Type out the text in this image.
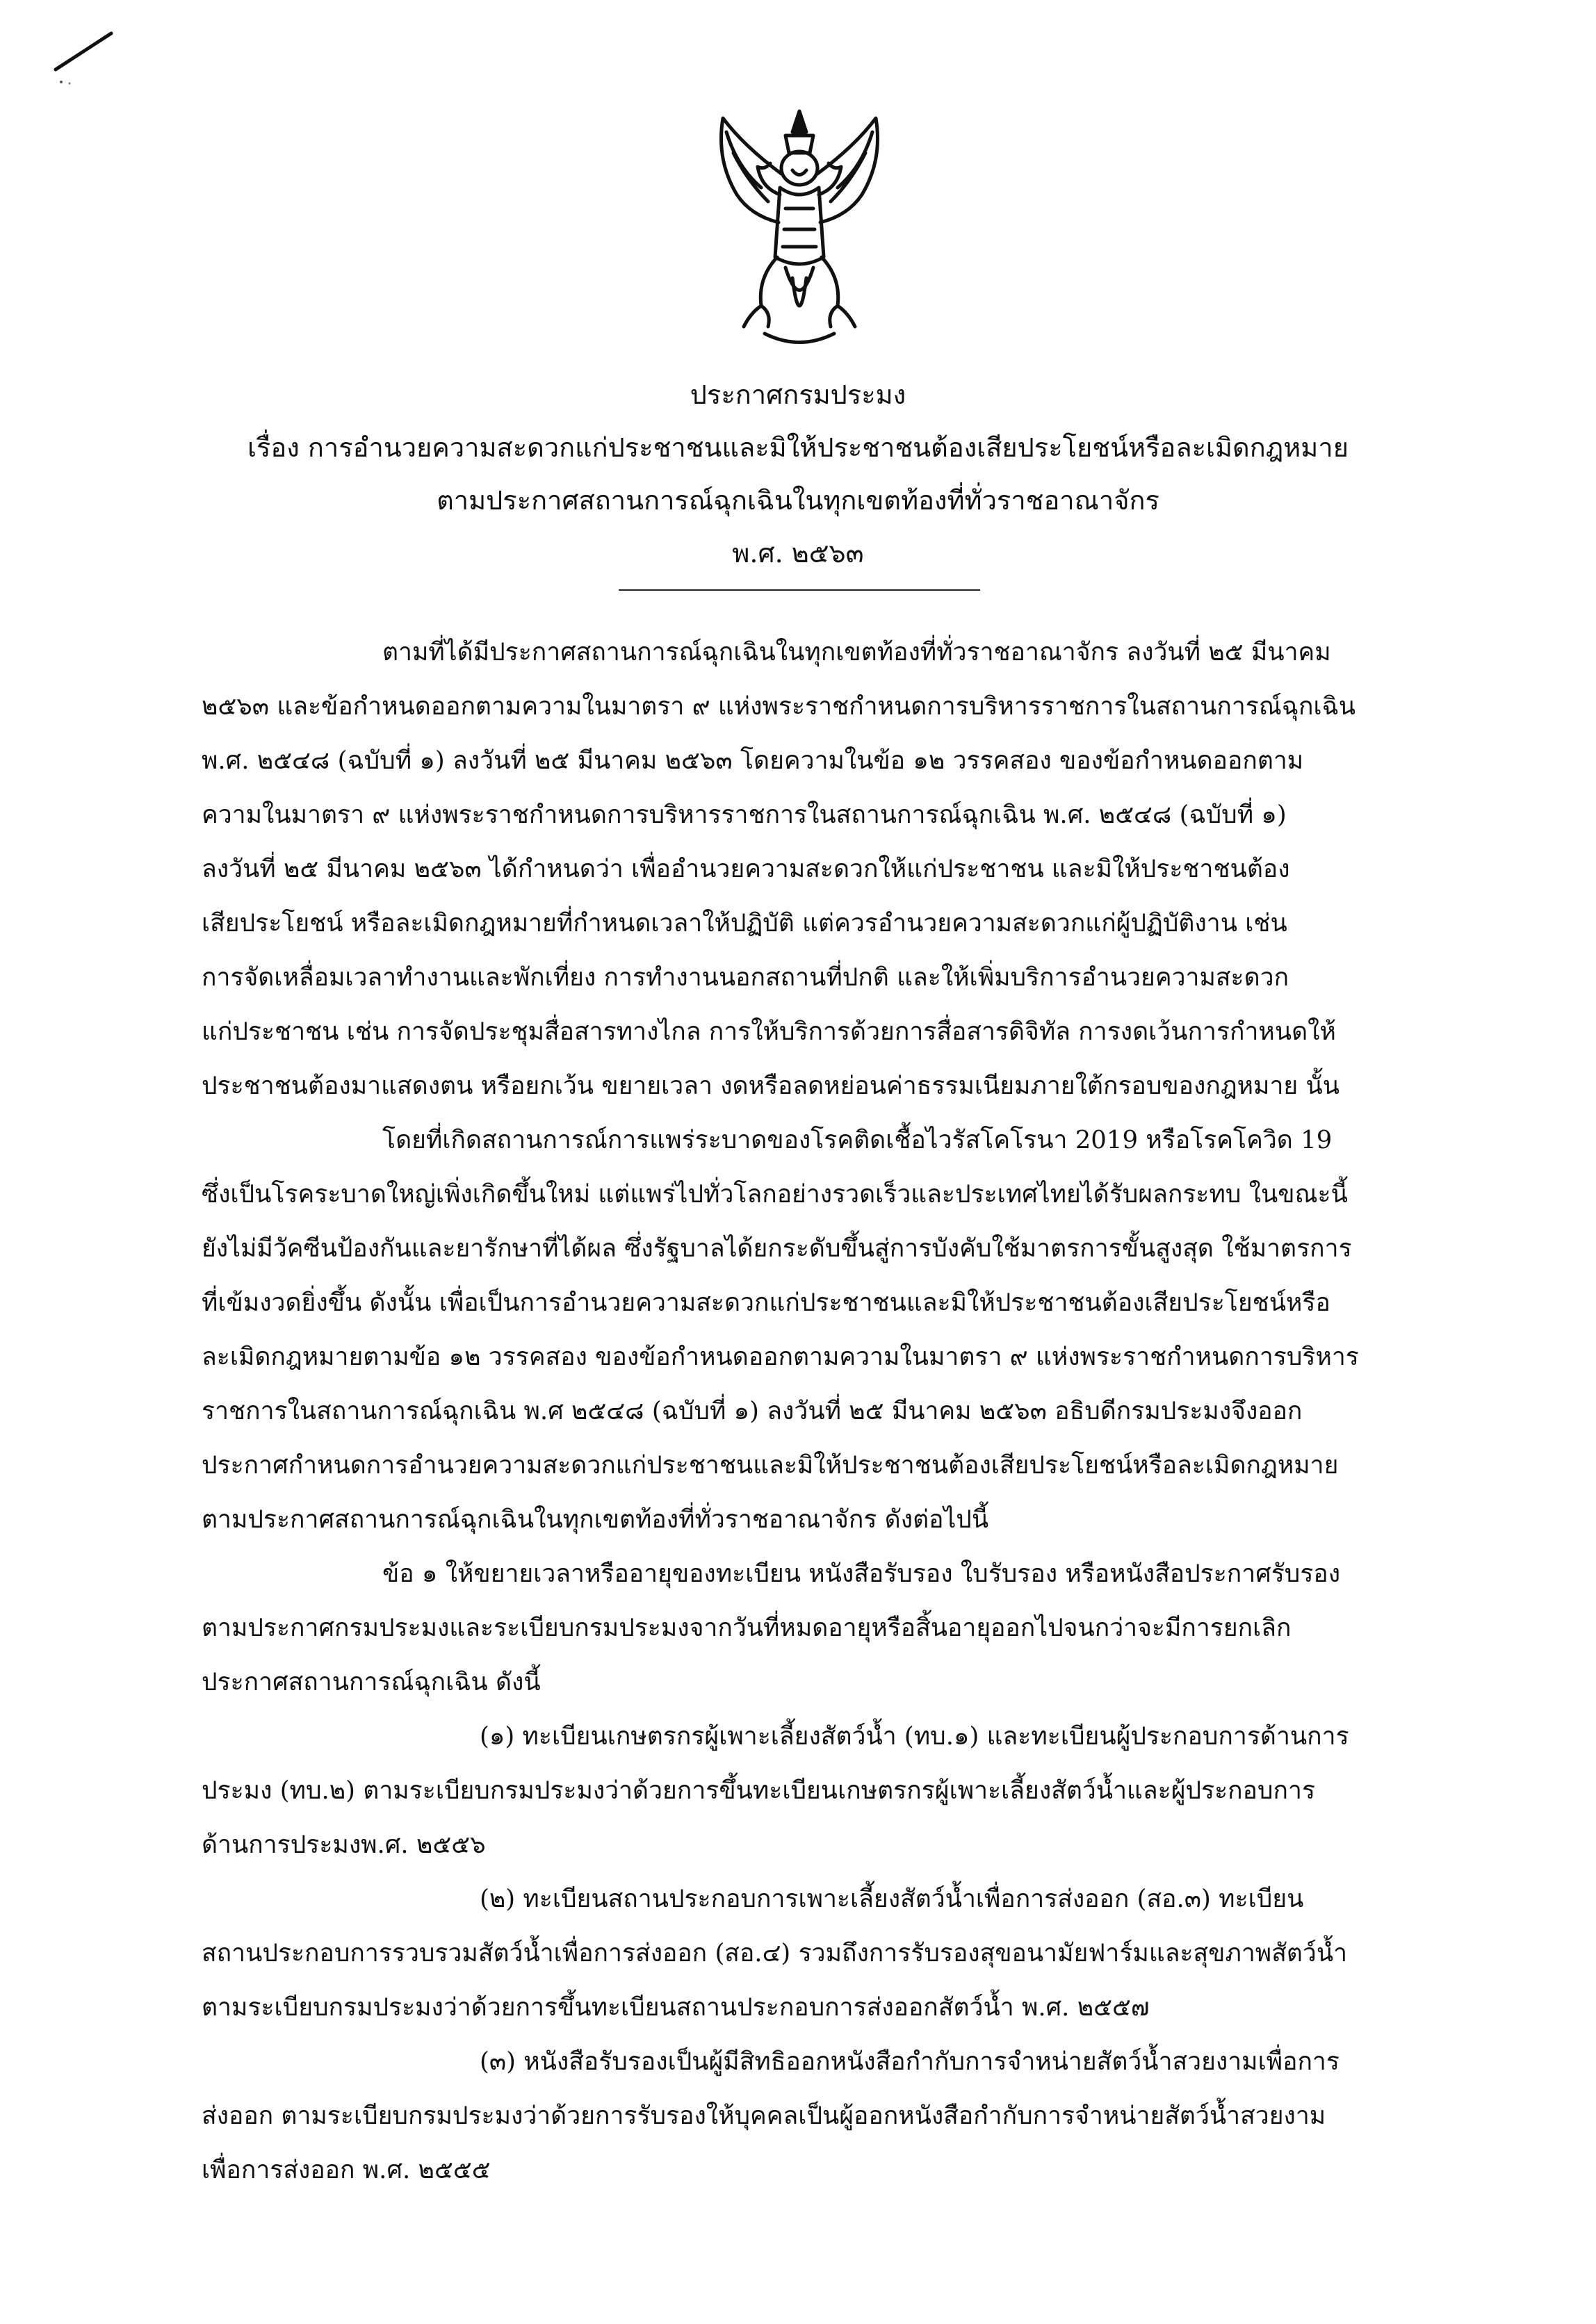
ประกาศกรมประมง
เรื่อง การอำนวยความสะดวกแก่ประชาชนและมิให้ประชาชนต้องเสียประโยชน์หรือละเมิดกฎหมาย
ตามประกาศสถานการณ์ฉุกเฉินในทุกเขตท้องที่ทั่วราชอาณาจักร
พ.ศ. ๒๕๖๓
ตามที่ได้มีประกาศสถานการณ์ฉุกเฉินในทุกเขตท้องที่ทั่วราชอาณาจักร ลงวันที่ ๒๕ มีนาคม
๒๕๖๓ และข้อกำหนดออกตามความในมาตรา ๙ แห่งพระราชกำหนดการบริหารราชการในสถานการณ์ฉุกเฉิน
พ.ศ. ๒๕๔๘ (ฉบับที่ ๑) ลงวันที่ ๒๕ มีนาคม ๒๕๖๓ โดยความในข้อ ๑๒ วรรคสอง ของข้อกำหนดออกตาม
ความในมาตรา ๙ แห่งพระราชกำหนดการบริหารราชการในสถานการณ์ฉุกเฉิน พ.ศ. ๒๕๔๘ (ฉบับที่ ๑)
ลงวันที่ ๒๕ มีนาคม ๒๕๖๓ ได้กำหนดว่า เพื่ออำนวยความสะดวกให้แก่ประชาชน และมิให้ประชาชนต้อง
เสียประโยชน์ หรือละเมิดกฎหมายที่กำหนดเวลาให้ปฏิบัติ แต่ควรอำนวยความสะดวกแก่ผู้ปฏิบัติงาน เช่น
การจัดเหลื่อมเวลาทำงานและพักเที่ยง การทำงานนอกสถานที่ปกติ และให้เพิ่มบริการอำนวยความสะดวก
แก่ประชาชน เช่น การจัดประชุมสื่อสารทางไกล การให้บริการด้วยการสื่อสารดิจิทัล การงดเว้นการกำหนดให้
ประชาชนต้องมาแสดงตน หรือยกเว้น ขยายเวลา งดหรือลดหย่อนค่าธรรมเนียมภายใต้กรอบของกฎหมาย นั้น
โดยที่เกิดสถานการณ์การแพร่ระบาดของโรคติดเชื้อไวรัสโคโรนา 2019 หรือโรคโควิด 19
ซึ่งเป็นโรคระบาดใหญ่เพิ่งเกิดขึ้นใหม่ แต่แพร่ไปทั่วโลกอย่างรวดเร็วและประเทศไทยได้รับผลกระทบ ในขณะนี้
ยังไม่มีวัคซีนป้องกันและยารักษาที่ได้ผล ซึ่งรัฐบาลได้ยกระดับขึ้นสู่การบังคับใช้มาตรการขั้นสูงสุด ใช้มาตรการ
ที่เข้มงวดยิ่งขึ้น ดังนั้น เพื่อเป็นการอำนวยความสะดวกแก่ประชาชนและมิให้ประชาชนต้องเสียประโยชน์หรือ
ละเมิดกฎหมายตามข้อ ๑๒ วรรคสอง ของข้อกำหนดออกตามความในมาตรา ๙ แห่งพระราชกำหนดการบริหาร
ราชการในสถานการณ์ฉุกเฉิน พ.ศ ๒๕๔๘ (ฉบับที่ ๑) ลงวันที่ ๒๕ มีนาคม ๒๕๖๓ อธิบดีกรมประมงจึงออก
ประกาศกำหนดการอำนวยความสะดวกแก่ประชาชนและมิให้ประชาชนต้องเสียประโยชน์หรือละเมิดกฎหมาย
ตามประกาศสถานการณ์ฉุกเฉินในทุกเขตท้องที่ทั่วราชอาณาจักร ดังต่อไปนี้
ข้อ ๑ ให้ขยายเวลาหรืออายุของทะเบียน หนังสือรับรอง ใบรับรอง หรือหนังสือประกาศรับรอง
ตามประกาศกรมประมงและระเบียบกรมประมงจากวันที่หมดอายุหรือสิ้นอายุออกไปจนกว่าจะมีการยกเลิก
ประกาศสถานการณ์ฉุกเฉิน ดังนี้
(๑) ทะเบียนเกษตรกรผู้เพาะเลี้ยงสัตว์น้ำ (ทบ.๑) และทะเบียนผู้ประกอบการด้านการ
ประมง (ทบ.๒) ตามระเบียบกรมประมงว่าด้วยการขึ้นทะเบียนเกษตรกรผู้เพาะเลี้ยงสัตว์น้ำและผู้ประกอบการ
ด้านการประมงพ.ศ. ๒๕๕๖
(๒) ทะเบียนสถานประกอบการเพาะเลี้ยงสัตว์น้ำเพื่อการส่งออก (สอ.๓) ทะเบียน
สถานประกอบการรวบรวมสัตว์น้ำเพื่อการส่งออก (สอ.๔) รวมถึงการรับรองสุขอนามัยฟาร์มและสุขภาพสัตว์น้ำ
ตามระเบียบกรมประมงว่าด้วยการขึ้นทะเบียนสถานประกอบการส่งออกสัตว์น้ำ พ.ศ. ๒๕๕๗
(๓) หนังสือรับรองเป็นผู้มีสิทธิออกหนังสือกำกับการจำหน่ายสัตว์น้ำสวยงามเพื่อการ
ส่งออก ตามระเบียบกรมประมงว่าด้วยการรับรองให้บุคคลเป็นผู้ออกหนังสือกำกับการจำหน่ายสัตว์น้ำสวยงาม
เพื่อการส่งออก พ.ศ. ๒๕๕๕
